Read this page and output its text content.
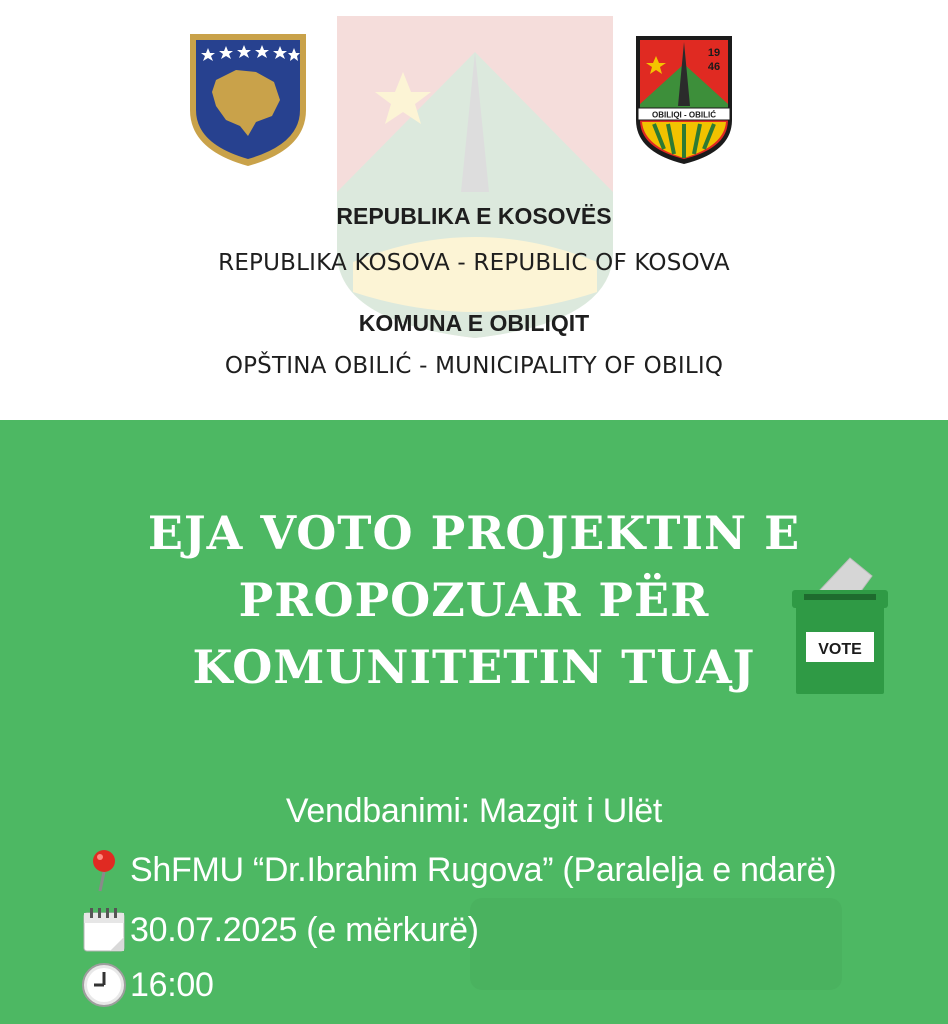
19
46
OBILIQI - OBILIĆ
REPUBLIKA E KOSOVËS
REPUBLIKA KOSOVA - REPUBLIC OF KOSOVA
KOMUNA E OBILIQIT
OPŠTINA OBILIĆ - MUNICIPALITY OF OBILIQ
EJA VOTO PROJEKTIN E
PROPOZUAR PËR
KOMUNITETIN TUAJ	VOTE
Vendbanimi: Mazgit i Ulët
ShFMU “Dr.Ibrahim Rugova” (Paralelja e ndarë)
30.07.2025 (e mërkurë)
16:00
